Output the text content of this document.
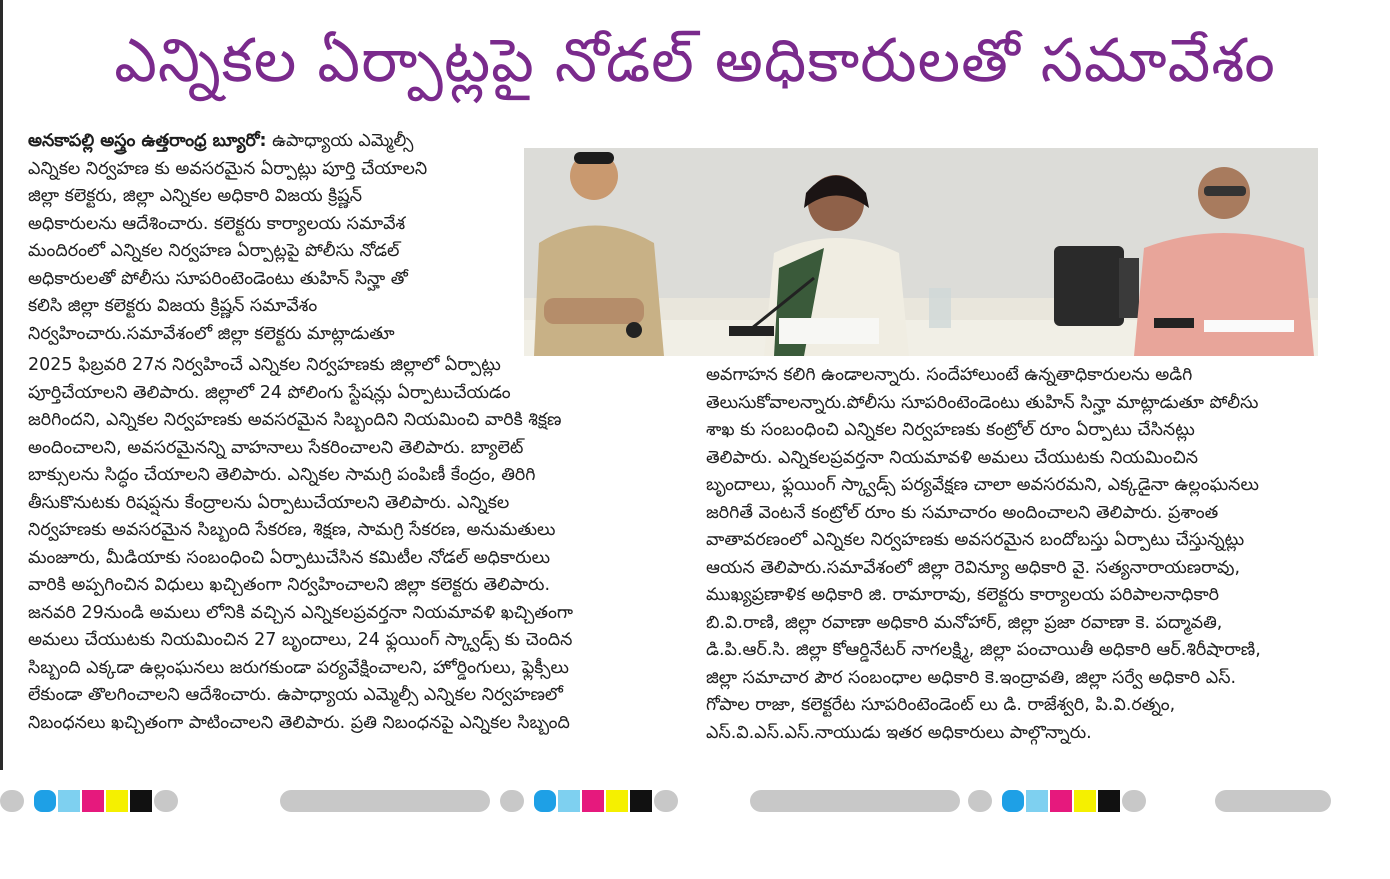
ఎన్నికల ఏర్పాట్లపై నోడల్ అధికారులతో సమావేశం
అనకాపల్లి అస్త్రం ఉత్తరాంధ్ర బ్యూరో: ఉపాధ్యాయ ఎమ్మెల్సీ
ఎన్నికల నిర్వహణ కు అవసరమైన ఏర్పాట్లు పూర్తి చేయాలని
జిల్లా కలెక్టరు, జిల్లా ఎన్నికల అధికారి విజయ క్రిష్ణన్
అధికారులను ఆదేశించారు. కలెక్టరు కార్యాలయ సమావేశ
మందిరంలో ఎన్నికల నిర్వహణ ఏర్పాట్లపై పోలీసు నోడల్
అధికారులతో పోలీసు సూపరింటెండెంటు తుహిన్ సిన్హా తో
కలిసి జిల్లా కలెక్టరు విజయ క్రిష్ణన్ సమావేశం
నిర్వహించారు.సమావేశంలో జిల్లా కలెక్టరు మాట్లాడుతూ
2025 ఫిబ్రవరి 27న నిర్వహించే ఎన్నికల నిర్వహణకు జిల్లాలో ఏర్పాట్లు
పూర్తిచేయాలని తెలిపారు. జిల్లాలో 24 పోలింగు స్టేషన్లు ఏర్పాటుచేయడం
జరిగిందని, ఎన్నికల నిర్వహణకు అవసరమైన సిబ్బందిని నియమించి వారికి శిక్షణ
అందించాలని, అవసరమైనన్ని వాహనాలు సేకరించాలని తెలిపారు. బ్యాలెట్
బాక్సులను సిద్ధం చేయాలని తెలిపారు. ఎన్నికల సామగ్రి పంపిణీ కేంద్రం, తిరిగి
తీసుకొనుటకు రిషప్షను కేంద్రాలను ఏర్పాటుచేయాలని తెలిపారు. ఎన్నికల
నిర్వహణకు అవసరమైన సిబ్బంది సేకరణ, శిక్షణ, సామగ్రి సేకరణ, అనుమతులు
మంజూరు, మీడియాకు సంబంధించి ఏర్పాటుచేసిన కమిటీల నోడల్ అధికారులు
వారికి అప్పగించిన విధులు ఖచ్చితంగా నిర్వహించాలని జిల్లా కలెక్టరు తెలిపారు.
జనవరి 29నుండి అమలు లోనికి వచ్చిన ఎన్నికలప్రవర్తనా నియమావళి ఖచ్చితంగా
అమలు చేయుటకు నియమించిన 27 బృందాలు, 24 ఫ్లయింగ్ స్క్వాడ్స్ కు చెందిన
సిబ్బంది ఎక్కడా ఉల్లంఘనలు జరుగకుండా పర్యవేక్షించాలని, హోర్డింగులు, ఫ్లెక్సీలు
లేకుండా తొలగించాలని ఆదేశించారు. ఉపాధ్యాయ ఎమ్మెల్సీ ఎన్నికల నిర్వహణలో
నిబంధనలు ఖచ్చితంగా పాటించాలని తెలిపారు. ప్రతి నిబంధనపై ఎన్నికల సిబ్బంది
అవగాహన కలిగి ఉండాలన్నారు. సందేహాలుంటే ఉన్నతాధికారులను అడిగి
తెలుసుకోవాలన్నారు.పోలీసు సూపరింటెండెంటు తుహిన్ సిన్హా మాట్లాడుతూ పోలీసు
శాఖ కు సంబంధించి ఎన్నికల నిర్వహణకు కంట్రోల్ రూం ఏర్పాటు చేసినట్లు
తెలిపారు. ఎన్నికలప్రవర్తనా నియమావళి అమలు చేయుటకు నియమించిన
బృందాలు, ఫ్లయింగ్ స్క్వాడ్స్ పర్యవేక్షణ చాలా అవసరమని, ఎక్కడైనా ఉల్లంఘనలు
జరిగితే వెంటనే కంట్రోల్ రూం కు సమాచారం అందించాలని తెలిపారు. ప్రశాంత
వాతావరణంలో ఎన్నికల నిర్వహణకు అవసరమైన బందోబస్తు ఏర్పాటు చేస్తున్నట్లు
ఆయన తెలిపారు.సమావేశంలో జిల్లా రెవిన్యూ అధికారి వై. సత్యనారాయణరావు,
ముఖ్యప్రణాళిక అధికారి జి. రామారావు, కలెక్టరు కార్యాలయ పరిపాలనాధికారి
బి.వి.రాణి, జిల్లా రవాణా అధికారి మనోహార్, జిల్లా ప్రజా రవాణా కె. పద్మావతి,
డి.పి.ఆర్.సి. జిల్లా కోఆర్డినేటర్ నాగలక్ష్మి, జిల్లా పంచాయితీ అధికారి ఆర్.శిరీషారాణి,
జిల్లా సమాచార పౌర సంబంధాల అధికారి కె.ఇంద్రావతి, జిల్లా సర్వే అధికారి ఎస్.
గోపాల రాజా, కలెక్టరేట సూపరింటెండెంట్ లు డి. రాజేశ్వరి, పి.వి.రత్నం,
ఎస్.వి.ఎస్.ఎస్.నాయుడు ఇతర అధికారులు పాల్గొన్నారు.
